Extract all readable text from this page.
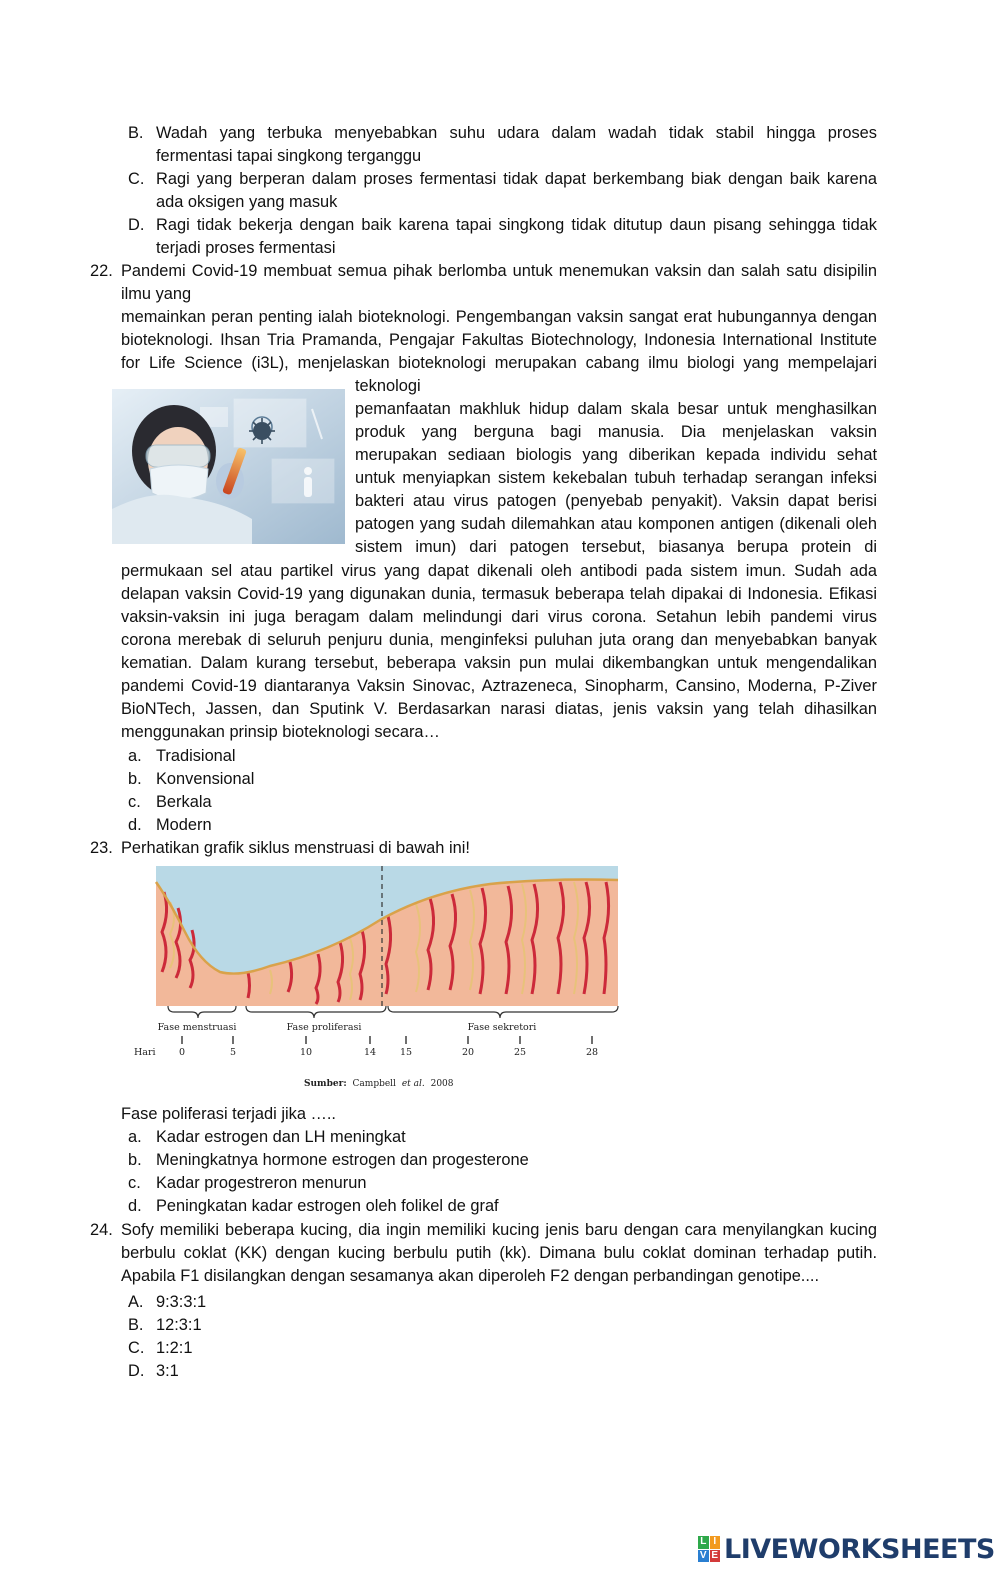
B. Wadah yang terbuka menyebabkan suhu udara dalam wadah tidak stabil hingga proses
fermentasi tapai singkong terganggu
C. Ragi yang berperan dalam proses fermentasi tidak dapat berkembang biak dengan baik karena
ada oksigen yang masuk
D. Ragi tidak bekerja dengan baik karena tapai singkong tidak ditutup daun pisang sehingga tidak
terjadi proses fermentasi
22. Pandemi Covid-19 membuat semua pihak berlomba untuk menemukan vaksin dan salah satu disipilin
ilmu yang
memainkan peran penting ialah bioteknologi. Pengembangan vaksin sangat erat hubungannya dengan
bioteknologi. Ihsan Tria Pramanda, Pengajar Fakultas Biotechnology, Indonesia International Institute
for Life Science (i3L), menjelaskan bioteknologi merupakan cabang ilmu biologi yang mempelajari
teknologi
pemanfaatan makhluk hidup dalam skala besar untuk menghasilkan
produk yang berguna bagi manusia. Dia menjelaskan vaksin
merupakan sediaan biologis yang diberikan kepada individu sehat
untuk menyiapkan sistem kekebalan tubuh terhadap serangan infeksi
bakteri atau virus patogen (penyebab penyakit). Vaksin dapat berisi
patogen yang sudah dilemahkan atau komponen antigen (dikenali oleh
sistem imun) dari patogen tersebut, biasanya berupa protein di
permukaan sel atau partikel virus yang dapat dikenali oleh antibodi pada sistem imun. Sudah ada
delapan vaksin Covid-19 yang digunakan dunia, termasuk beberapa telah dipakai di Indonesia. Efikasi
vaksin-vaksin ini juga beragam dalam melindungi dari virus corona. Setahun lebih pandemi virus
corona merebak di seluruh penjuru dunia, menginfeksi puluhan juta orang dan menyebabkan banyak
kematian. Dalam kurang tersebut, beberapa vaksin pun mulai dikembangkan untuk mengendalikan
pandemi Covid-19 diantaranya Vaksin Sinovac, Aztrazeneca, Sinopharm, Cansino, Moderna, P-Ziver
BioNTech, Jassen, dan Sputink V. Berdasarkan narasi diatas, jenis vaksin yang telah dihasilkan
menggunakan prinsip bioteknologi secara…
a. Tradisional
b. Konvensional
c. Berkala
d. Modern
23. Perhatikan grafik siklus menstruasi di bawah ini!
Fase menstruasi	Fase proliferasi	Fase sekretori
Hari 0	5	10	14	15	20	25	28
Sumber: Campbell et al. 2008
Fase poliferasi terjadi jika …..
a. Kadar estrogen dan LH meningkat
b. Meningkatnya hormone estrogen dan progesterone
c. Kadar progestreron menurun
d. Peningkatan kadar estrogen oleh folikel de graf
24. Sofy memiliki beberapa kucing, dia ingin memiliki kucing jenis baru dengan cara menyilangkan kucing
berbulu coklat (KK) dengan kucing berbulu putih (kk). Dimana bulu coklat dominan terhadap putih.
Apabila F1 disilangkan dengan sesamanya akan diperoleh F2 dengan perbandingan genotipe....
A. 9:3:3:1
B. 12:3:1
C. 1:2:1
D. 3:1
L I
V E LIVEWORKSHEETS
